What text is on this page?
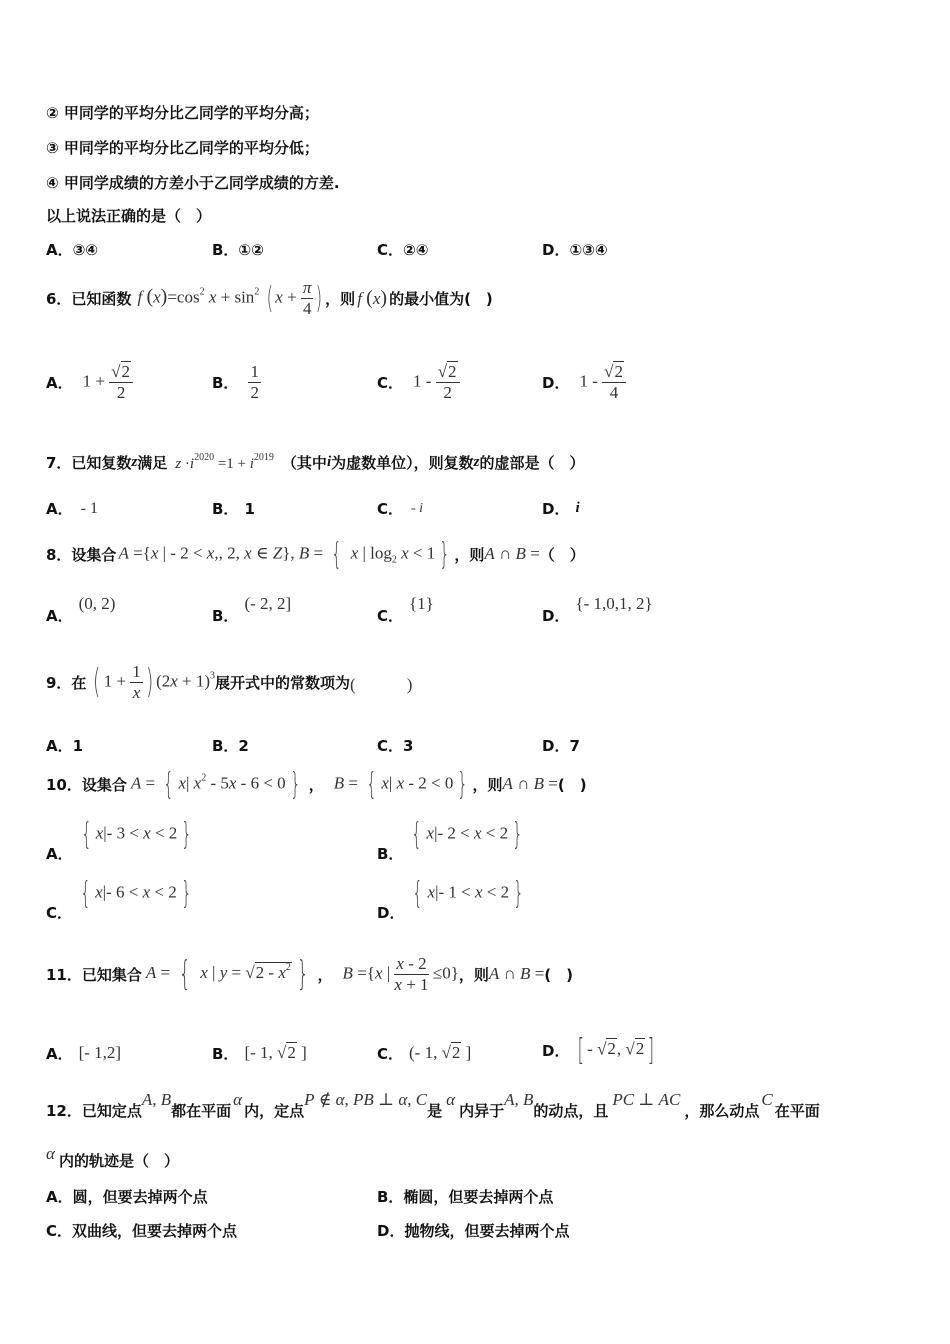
② 甲同学的平均分比乙同学的平均分高；
③ 甲同学的平均分比乙同学的平均分低；
④ 甲同学成绩的方差小于乙同学成绩的方差.
以上说法正确的是（　）
A．③④	B．①②	C．②④	D．①③④
6．已知函数 f $(x)=\cos^2$ $x + \sin^2$ ( $x + \frac{\pi}{4}$ ) ，则 f (x) 的最小值为(　)
A． $1 + \frac{√2}{2}$	B． $\frac{1}{2}$	C． $1 - \frac{√2}{2}$	D． $1 - \frac{√2}{4}$
7．已知复数 z 满足 $z \cdot i^{2020} =1 + i^{2019}$ （其中 i 为虚数单位），则复数 z 的虚部是（　）
A． - 1	B． 1	C． - i	D． i
8．设集合 A ={x | - 2 < x,, 2, x ∈ Z}, B = { x | $\log_2 x < 1$ } ，则 A ∩ B = （　）
A．
(0, 2)
B．
(- 2, 2]
C．
{1}
D．
{- 1,0,1, 2}
9．在 ( $1 + \frac{1}{x}$ ) $(2x + 1)^3$ 展开式中的常数项为 (　　　)
A．1	B．2	C．3	D．7
10．设集合 A = { x| $x^2 - 5x - 6 < 0$ } ， B = { x| x - 2 < 0 } ，则 A ∩ B = (　)
A．
{ x|- 3 < x < 2 }
B．
{ x|- 2 < x < 2 }
C．
{ x|- 6 < x < 2 }
D．
{ x|- 1 < x < 2 }
11．已知集合 A = { x | $y = √2 - x^2$ } ， B ={x | $\frac{x - 2}{x + 1} \le 0$} ，则 A ∩ B = (　)
A． [- 1,2]	B． [- 1, √2 ]	C． (- 1, √2 ]	D． [ - √2, √2 ]
12．已知定点
A, B
都在平面
α
内，定点
P ∉ α, PB ⊥ α, C
是
α
内异于
A, B
的动点，且
PC ⊥ AC
，那么动点
C
在平面
α 内的轨迹是（　）
A．圆，但要去掉两个点	B．椭圆，但要去掉两个点
C．双曲线，但要去掉两个点	D．抛物线，但要去掉两个点
